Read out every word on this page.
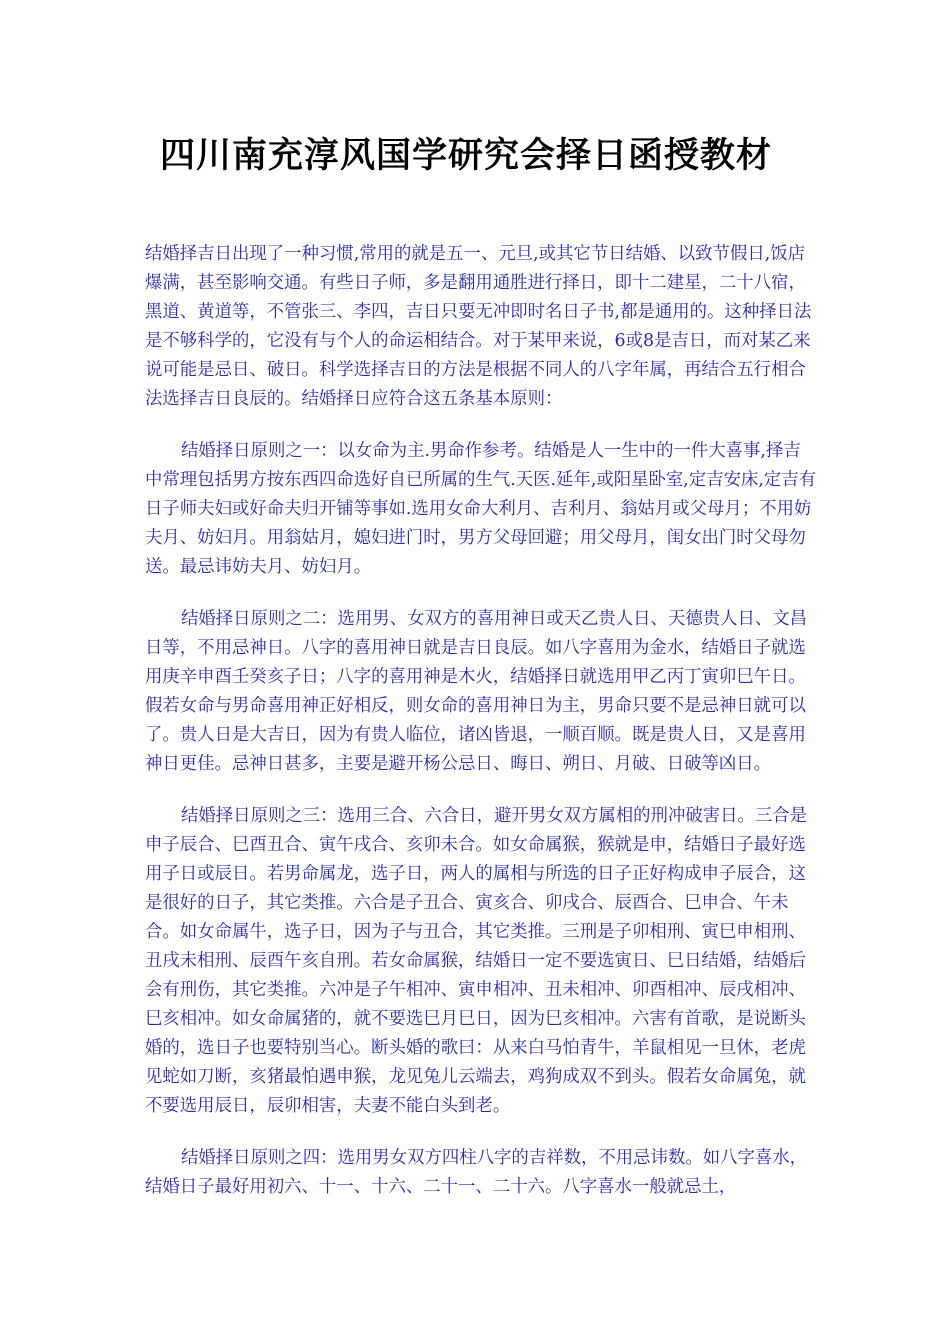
四川南充淳风国学研究会择日函授教材

结婚择吉日出现了一种习惯,常用的就是五一、元旦,或其它节日结婚、以致节假日,饭店爆满，甚至影响交通。有些日子师，多是翻用通胜进行择日，即十二建星，二十八宿，黑道、黄道等，不管张三、李四，吉日只要无冲即时名日子书,都是通用的。这种择日法是不够科学的，它没有与个人的命运相结合。对于某甲来说，6或8是吉日，而对某乙来说可能是忌日、破日。科学选择吉日的方法是根据不同人的八字年属，再结合五行相合法选择吉日良辰的。结婚择日应符合这五条基本原则：

结婚择日原则之一：以女命为主.男命作参考。结婚是人一生中的一件大喜事,择吉中常理包括男方按东西四命选好自已所属的生气.天医.延年,或阳星卧室,定吉安床,定吉有日子师夫妇或好命夫归开铺等事如.选用女命大利月、吉利月、翁姑月或父母月；不用妨夫月、妨妇月。用翁姑月，媳妇进门时，男方父母回避；用父母月，闺女出门时父母勿送。最忌讳妨夫月、妨妇月。

结婚择日原则之二：选用男、女双方的喜用神日或天乙贵人日、天德贵人日、文昌日等，不用忌神日。八字的喜用神日就是吉日良辰。如八字喜用为金水，结婚日子就选用庚辛申酉壬癸亥子日；八字的喜用神是木火，结婚择日就选用甲乙丙丁寅卯巳午日。假若女命与男命喜用神正好相反，则女命的喜用神日为主，男命只要不是忌神日就可以了。贵人日是大吉日，因为有贵人临位，诸凶皆退，一顺百顺。既是贵人日，又是喜用神日更佳。忌神日甚多，主要是避开杨公忌日、晦日、朔日、月破、日破等凶日。

结婚择日原则之三：选用三合、六合日，避开男女双方属相的刑冲破害日。三合是申子辰合、巳酉丑合、寅午戌合、亥卯未合。如女命属猴，猴就是申，结婚日子最好选用子日或辰日。若男命属龙，选子日，两人的属相与所选的日子正好构成申子辰合，这是很好的日子，其它类推。六合是子丑合、寅亥合、卯戌合、辰酉合、巳申合、午未合。如女命属牛，选子日，因为子与丑合，其它类推。三刑是子卯相刑、寅巳申相刑、丑戌未相刑、辰酉午亥自刑。若女命属猴，结婚日一定不要选寅日、巳日结婚，结婚后会有刑伤，其它类推。六冲是子午相冲、寅申相冲、丑未相冲、卯酉相冲、辰戌相冲、巳亥相冲。如女命属猪的，就不要选巳月巳日，因为巳亥相冲。六害有首歌，是说断头婚的，选日子也要特别当心。断头婚的歌曰：从来白马怕青牛，羊鼠相见一旦休，老虎见蛇如刀断，亥猪最怕遇申猴，龙见兔儿云端去，鸡狗成双不到头。假若女命属兔，就不要选用辰日，辰卯相害，夫妻不能白头到老。

结婚择日原则之四：选用男女双方四柱八字的吉祥数，不用忌讳数。如八字喜水，结婚日子最好用初六、十一、十六、二十一、二十六。八字喜水一般就忌土，
